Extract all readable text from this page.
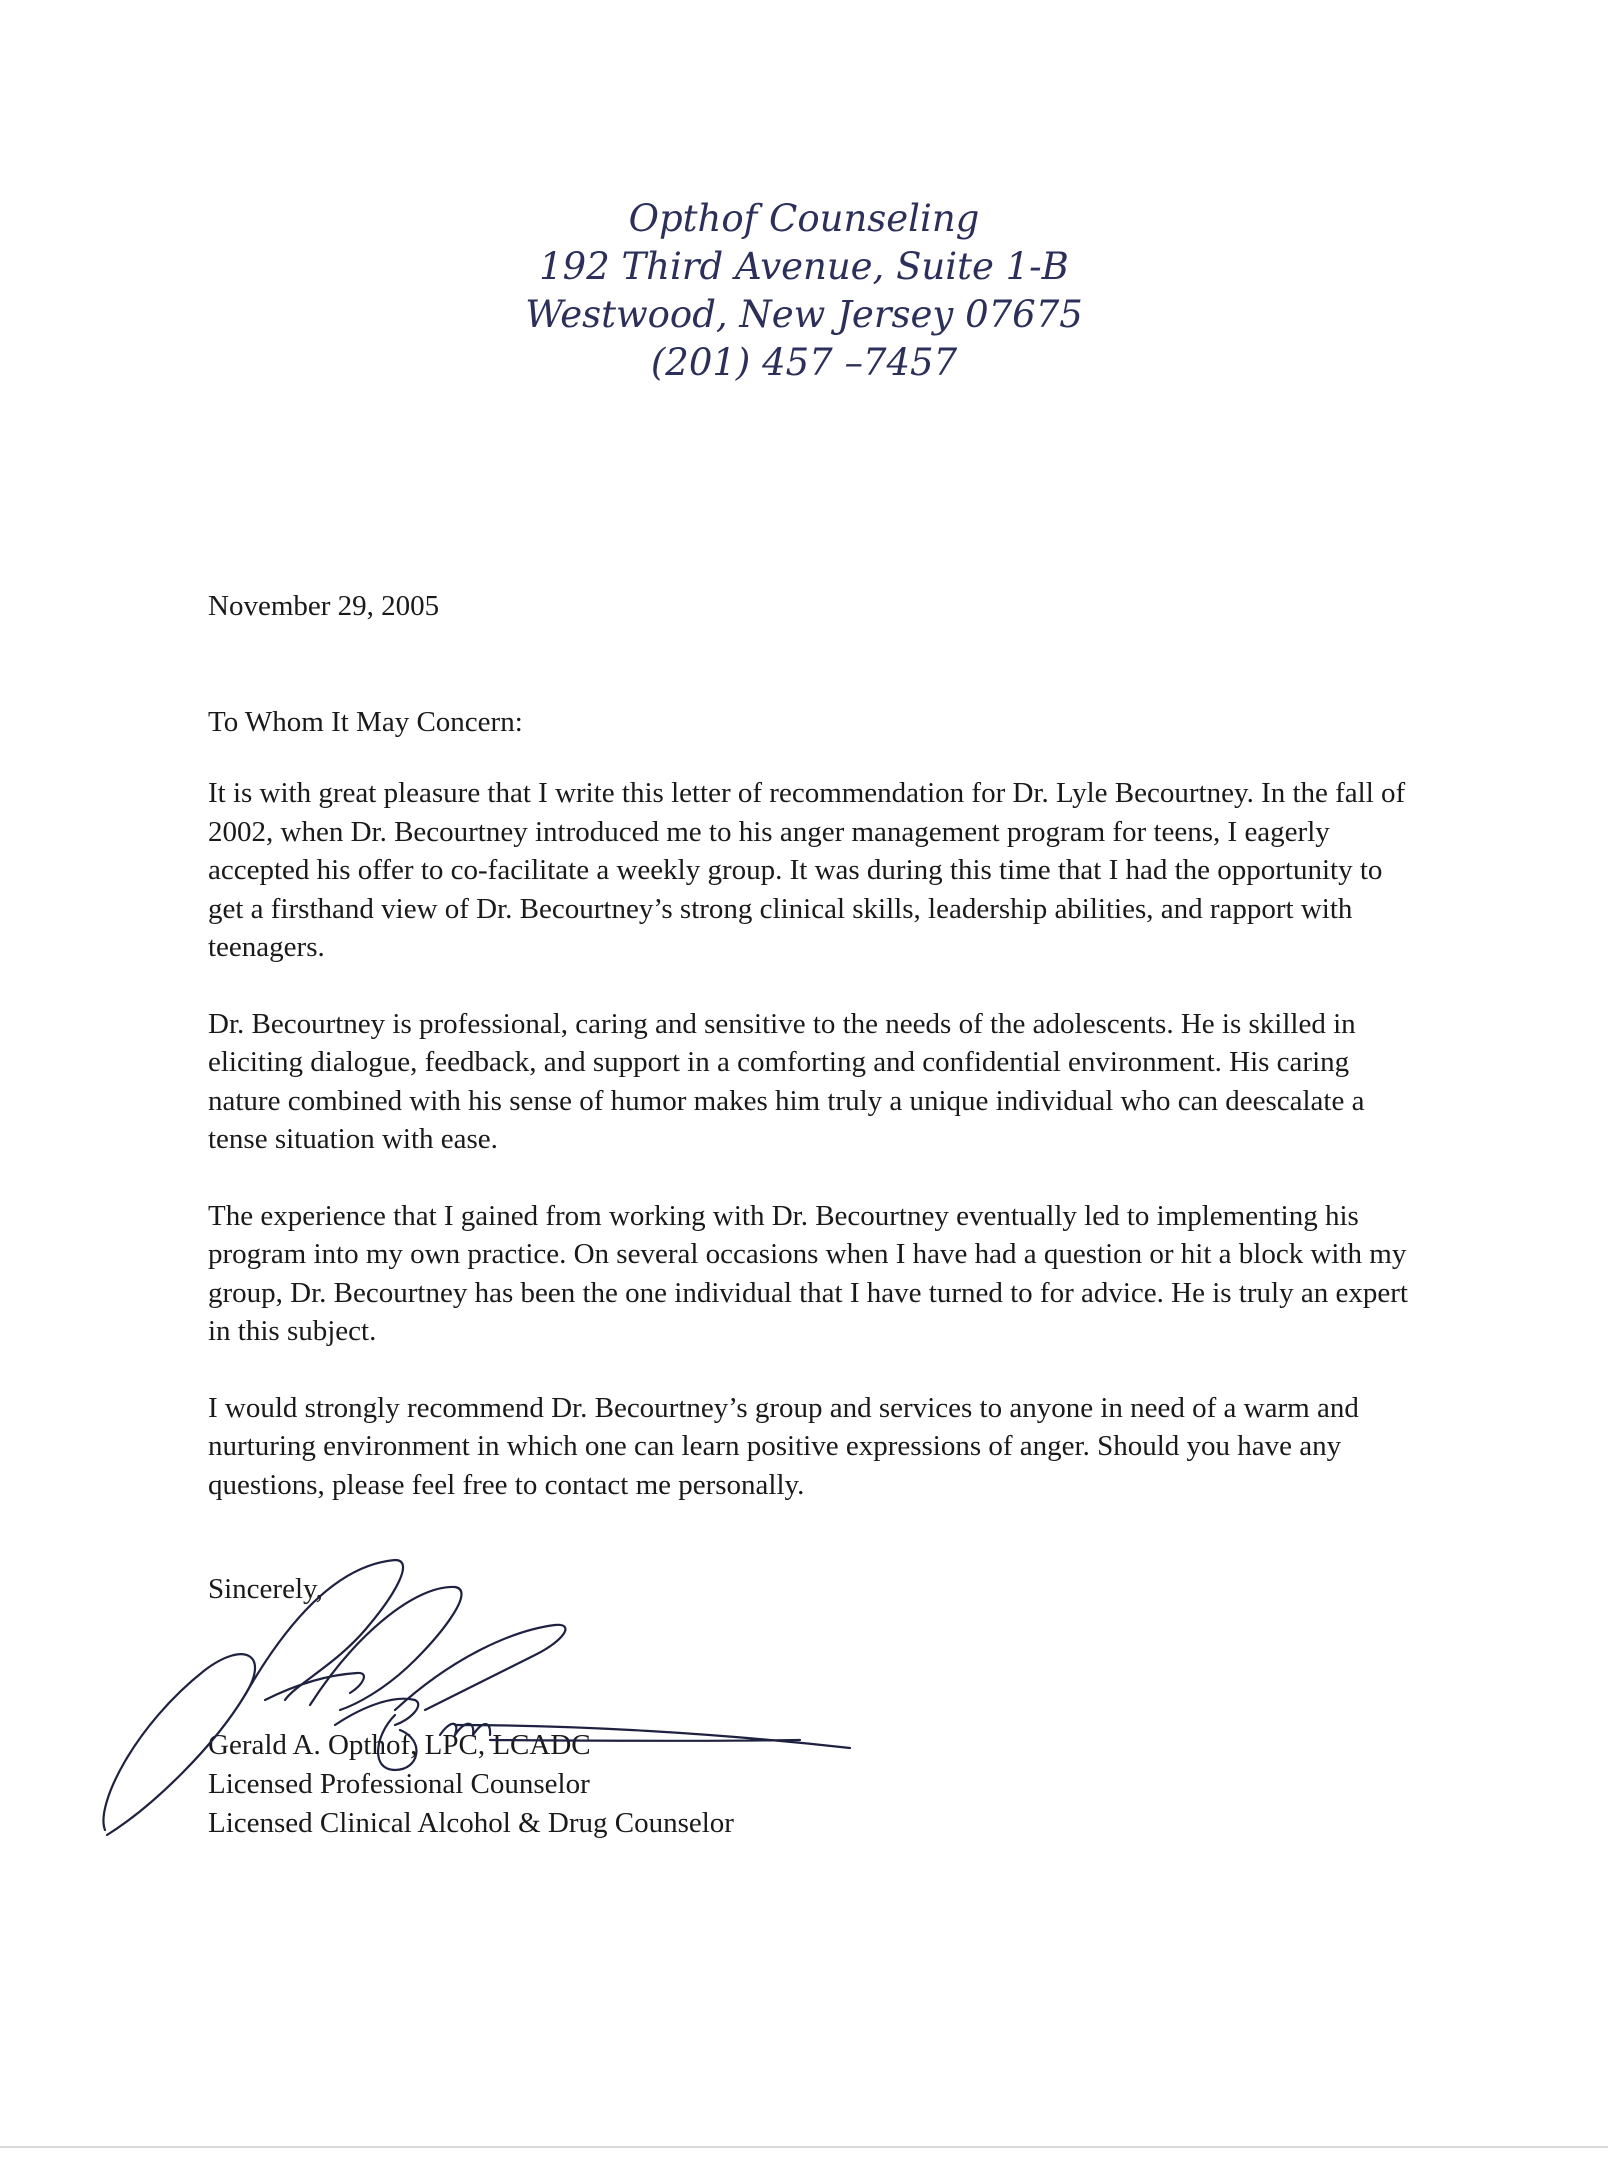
Opthof Counseling
192 Third Avenue, Suite 1-B
Westwood, New Jersey 07675
(201) 457 –7457
November 29, 2005
To Whom It May Concern:

It is with great pleasure that I write this letter of recommendation for Dr. Lyle Becourtney. In the fall of 2002, when Dr. Becourtney introduced me to his anger management program for teens, I eagerly accepted his offer to co-facilitate a weekly group. It was during this time that I had the opportunity to get a firsthand view of Dr. Becourtney’s strong clinical skills, leadership abilities, and rapport with teenagers.

Dr. Becourtney is professional, caring and sensitive to the needs of the adolescents. He is skilled in eliciting dialogue, feedback, and support in a comforting and confidential environment. His caring nature combined with his sense of humor makes him truly a unique individual who can deescalate a tense situation with ease.

The experience that I gained from working with Dr. Becourtney eventually led to implementing his program into my own practice. On several occasions when I have had a question or hit a block with my group, Dr. Becourtney has been the one individual that I have turned to for advice. He is truly an expert in this subject.

I would strongly recommend Dr. Becourtney’s group and services to anyone in need of a warm and nurturing environment in which one can learn positive expressions of anger. Should you have any questions, please feel free to contact me personally.

Sincerely,
Gerald A. Opthof, LPC, LCADC
Licensed Professional Counselor
Licensed Clinical Alcohol & Drug Counselor
